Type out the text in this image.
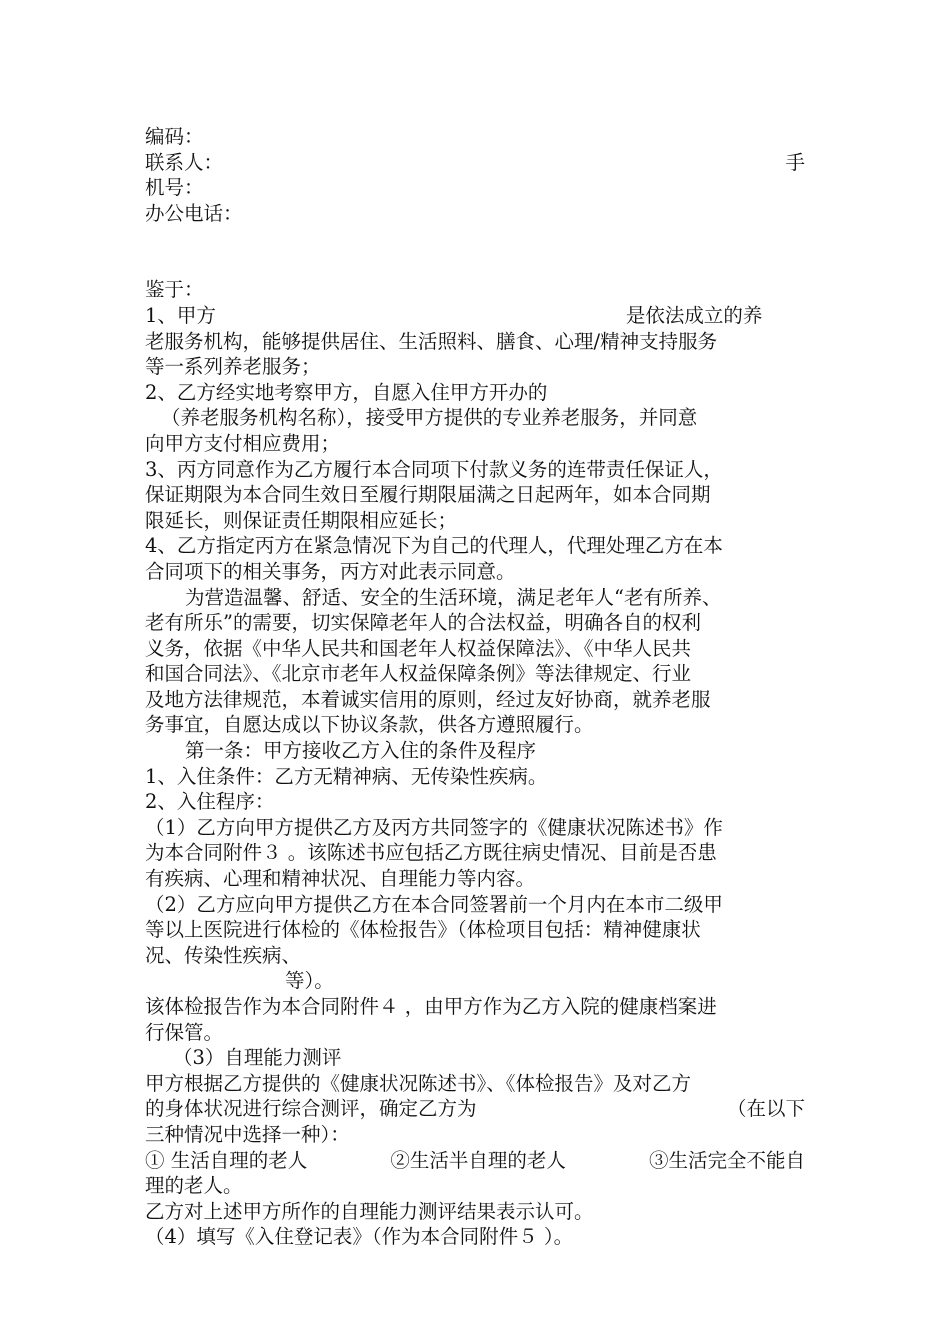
编码：
联系人：	手
机号：
办公电话：
鉴于：
1、甲方	是依法成立的养
老服务机构，能够提供居住、生活照料、膳食、心理/精神支持服务
等一系列养老服务；
2、乙方经实地考察甲方，自愿入住甲方开办的
（养老服务机构名称），接受甲方提供的专业养老服务，并同意
向甲方支付相应费用；
3、丙方同意作为乙方履行本合同项下付款义务的连带责任保证人，
保证期限为本合同生效日至履行期限届满之日起两年，如本合同期
限延长，则保证责任期限相应延长；
4、乙方指定丙方在紧急情况下为自己的代理人，代理处理乙方在本
合同项下的相关事务，丙方对此表示同意。
为营造温馨、舒适、安全的生活环境，满足老年人“老有所养、
老有所乐”的需要，切实保障老年人的合法权益，明确各自的权利
义务，依据《中华人民共和国老年人权益保障法》、《中华人民共
和国合同法》、《北京市老年人权益保障条例》等法律规定、行业
及地方法律规范，本着诚实信用的原则，经过友好协商，就养老服
务事宜，自愿达成以下协议条款，供各方遵照履行。
第一条：甲方接收乙方入住的条件及程序
1、入住条件：乙方无精神病、无传染性疾病。
2、入住程序：
（1）乙方向甲方提供乙方及丙方共同签字的《健康状况陈述书》作
为本合同附件３ 。该陈述书应包括乙方既往病史情况、目前是否患
有疾病、心理和精神状况、自理能力等内容。
（2）乙方应向甲方提供乙方在本合同签署前一个月内在本市二级甲
等以上医院进行体检的《体检报告》（体检项目包括：精神健康状
况、传染性疾病、
等）。
该体检报告作为本合同附件４ ，由甲方作为乙方入院的健康档案进
行保管。
（3）自理能力测评
甲方根据乙方提供的《健康状况陈述书》、《体检报告》及对乙方
的身体状况进行综合测评，确定乙方为	（在以下
三种情况中选择一种）：
① 生活自理的老人	②生活半自理的老人	③生活完全不能自
理的老人。
乙方对上述甲方所作的自理能力测评结果表示认可。
（4）填写《入住登记表》（作为本合同附件５ ）。
